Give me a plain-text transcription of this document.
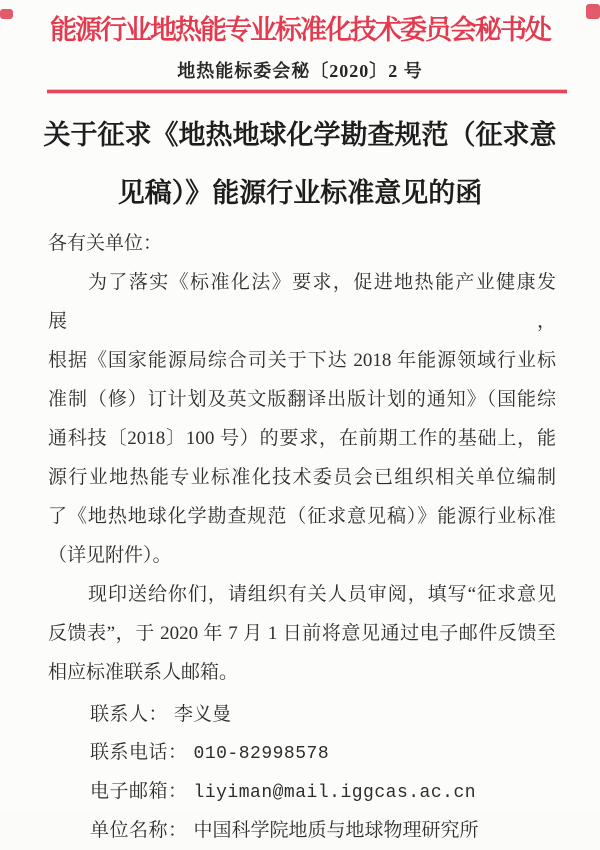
能源行业地热能专业标准化技术委员会秘书处
地热能标委会秘〔2020〕2 号
关于征求《地热地球化学勘查规范（征求意
见稿）》能源行业标准意见的函

各有关单位：

为了落实《标准化法》要求，促进地热能产业健康发展，

根据《国家能源局综合司关于下达 2018 年能源领域行业标

准制（修）订计划及英文版翻译出版计划的通知》（国能综

通科技〔2018〕100 号）的要求，在前期工作的基础上，能

源行业地热能专业标准化技术委员会已组织相关单位编制

了《地热地球化学勘查规范（征求意见稿）》能源行业标准

（详见附件）。

现印送给你们，请组织有关人员审阅，填写“征求意见

反馈表”，于 2020 年 7 月 1 日前将意见通过电子邮件反馈至

相应标准联系人邮箱。

联系人： 李义曼

联系电话： 010-82998578

电子邮箱： liyiman@mail.iggcas.ac.cn

单位名称： 中国科学院地质与地球物理研究所
